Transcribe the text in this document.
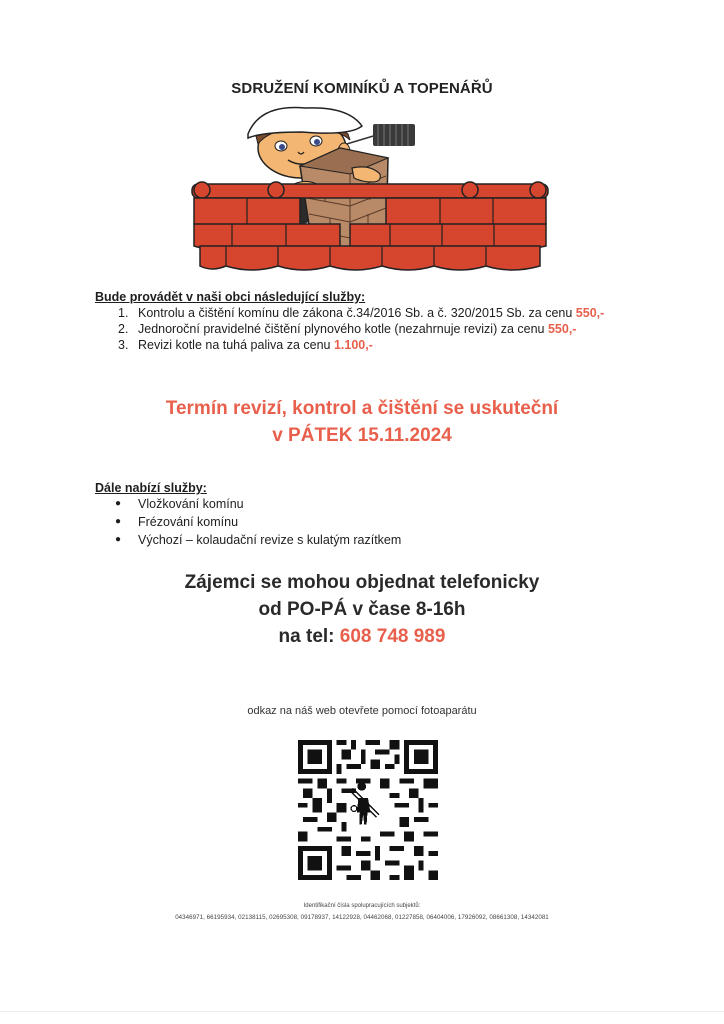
SDRUŽENÍ KOMINÍKŮ A TOPENÁŘŮ
Bude provádět v naši obci následující služby:
1. Kontrolu a čištění komínu dle zákona č.34/2016 Sb. a č. 320/2015 Sb. za cenu 550,-
2. Jednoroční pravidelné čištění plynového kotle (nezahrnuje revizi) za cenu 550,-
3. Revizi kotle na tuhá paliva za cenu 1.100,-
Termín revizí, kontrol a čištění se uskuteční
v PÁTEK 15.11.2024
Dále nabízí služby:
● Vložkování komínu
● Frézování komínu
● Výchozí – kolaudační revize s kulatým razítkem
Zájemci se mohou objednat telefonicky
od PO-PÁ v čase 8-16h
na tel: 608 748 989
odkaz na náš web otevřete pomocí fotoaparátu
Identifikační čísla spolupracujících subjektů:
04346971, 66195934, 02138115, 02695308, 09178937, 14122928, 04462068, 01227858, 06404006, 17926092, 08661308, 14342081
